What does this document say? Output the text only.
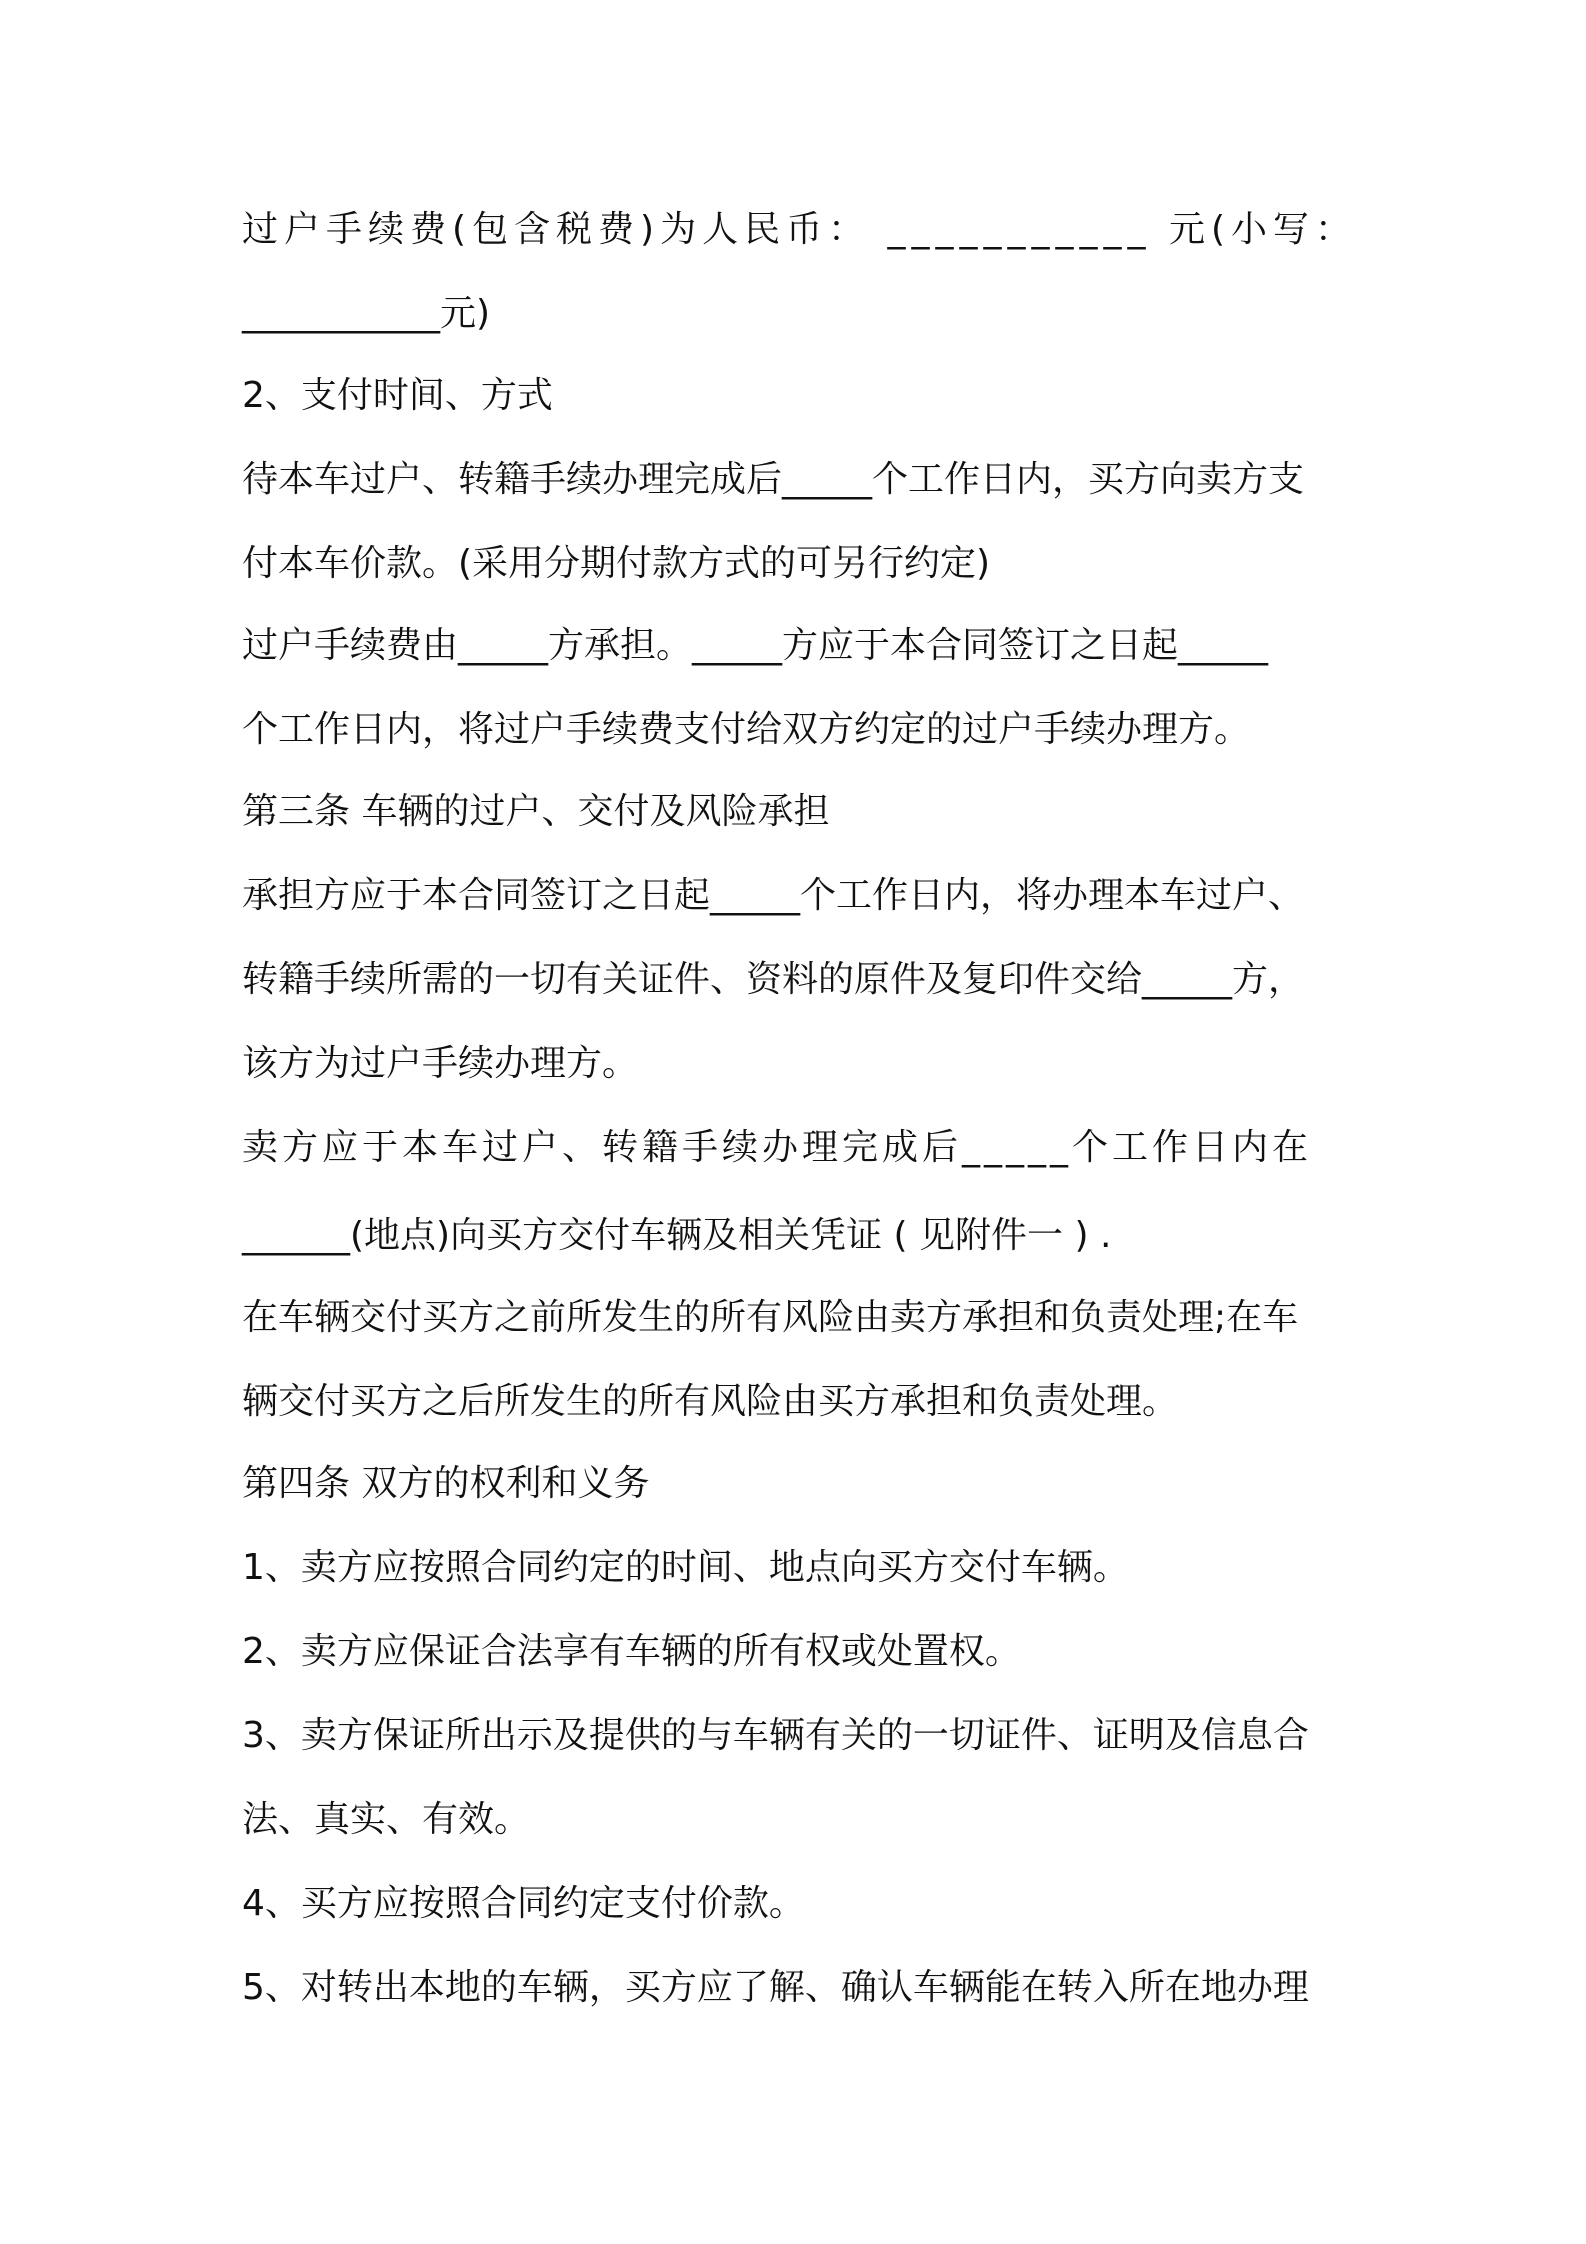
过户手续费(包含税费)为人民币： ___________ 元(小写：
___________元)
2、支付时间、方式
待本车过户、转籍手续办理完成后_____个工作日内，买方向卖方支
付本车价款。(采用分期付款方式的可另行约定)
过户手续费由_____方承担。_____方应于本合同签订之日起_____
个工作日内，将过户手续费支付给双方约定的过户手续办理方。
第三条 车辆的过户、交付及风险承担
承担方应于本合同签订之日起_____个工作日内，将办理本车过户、
转籍手续所需的一切有关证件、资料的原件及复印件交给_____方，
该方为过户手续办理方。
卖方应于本车过户、转籍手续办理完成后_____个工作日内在
______(地点)向买方交付车辆及相关凭证 ( 见附件一 ) .
在车辆交付买方之前所发生的所有风险由卖方承担和负责处理;在车
辆交付买方之后所发生的所有风险由买方承担和负责处理。
第四条 双方的权利和义务
1、卖方应按照合同约定的时间、地点向买方交付车辆。
2、卖方应保证合法享有车辆的所有权或处置权。
3、卖方保证所出示及提供的与车辆有关的一切证件、证明及信息合
法、真实、有效。
4、买方应按照合同约定支付价款。
5、对转出本地的车辆，买方应了解、确认车辆能在转入所在地办理
